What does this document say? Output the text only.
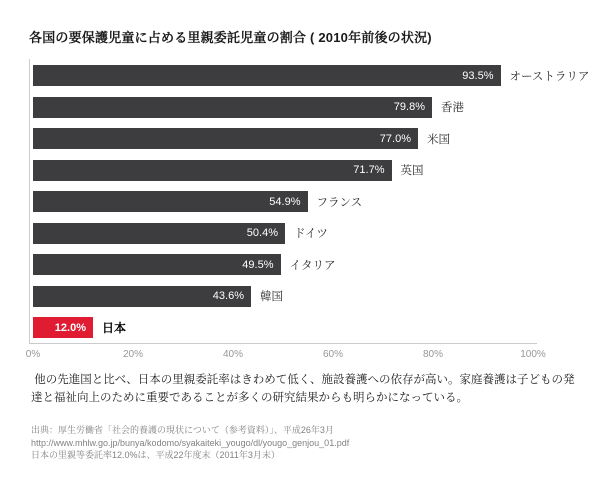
各国の要保護児童に占める里親委託児童の割合 ( 2010年前後の状況)
93.5%	オーストラリア
79.8%	香港
77.0%	米国
71.7%	英国
54.9%	フランス
50.4%	ドイツ
49.5%	イタリア
43.6%	韓国
12.0%	日本
0%	20%	40%	60%	80%	100%
他の先進国と比べ、日本の里親委託率はきわめて低く、施設養護への依存が高い。家庭養護は子どもの発達と福祉向上のために重要であることが多くの研究結果からも明らかになっている。
出典：厚生労働省「社会的養護の現状について（参考資料）」、平成26年3月
http://www.mhlw.go.jp/bunya/kodomo/syakaiteki_yougo/dl/yougo_genjou_01.pdf
日本の里親等委託率12.0%は、平成22年度末（2011年3月末）
